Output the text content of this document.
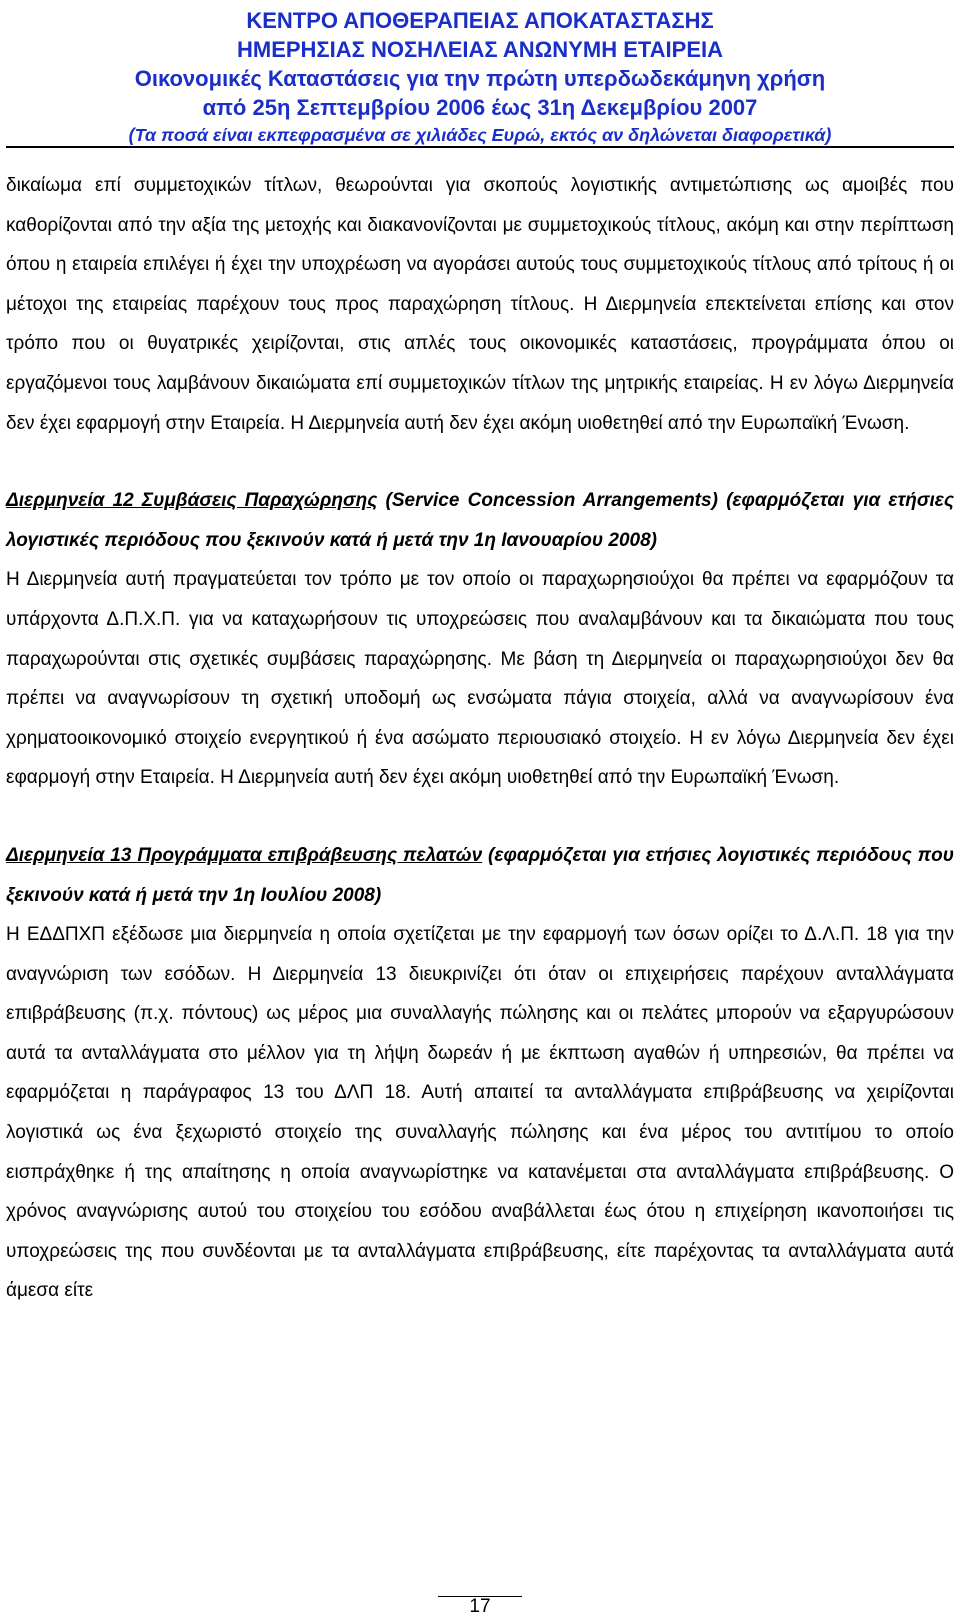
ΚΕΝΤΡΟ ΑΠΟΘΕΡΑΠΕΙΑΣ ΑΠΟΚΑΤΑΣΤΑΣΗΣ
ΗΜΕΡΗΣΙΑΣ ΝΟΣΗΛΕΙΑΣ ΑΝΩΝΥΜΗ ΕΤΑΙΡΕΙΑ
Οικονομικές Καταστάσεις για την πρώτη υπερδωδεκάμηνη χρήση
από 25η Σεπτεμβρίου 2006 έως 31η Δεκεμβρίου 2007
(Τα ποσά είναι εκπεφρασμένα σε χιλιάδες Ευρώ, εκτός αν δηλώνεται διαφορετικά)

δικαίωμα επί συμμετοχικών τίτλων, θεωρούνται για σκοπούς λογιστικής αντιμετώπισης ως αμοιβές που καθορίζονται από την αξία της μετοχής και διακανονίζονται με συμμετοχικούς τίτλους, ακόμη και στην περίπτωση όπου η εταιρεία επιλέγει ή έχει την υποχρέωση να αγοράσει αυτούς τους συμμετοχικούς τίτλους από τρίτους ή οι μέτοχοι της εταιρείας παρέχουν τους προς παραχώρηση τίτλους. Η Διερμηνεία επεκτείνεται επίσης και στον τρόπο που οι θυγατρικές χειρίζονται, στις απλές τους οικονομικές καταστάσεις, προγράμματα όπου οι εργαζόμενοι τους λαμβάνουν δικαιώματα επί συμμετοχικών τίτλων της μητρικής εταιρείας. Η εν λόγω Διερμηνεία δεν έχει εφαρμογή στην Εταιρεία. Η Διερμηνεία αυτή δεν έχει ακόμη υιοθετηθεί από την Ευρωπαϊκή Ένωση.

Διερμηνεία 12 Συμβάσεις Παραχώρησης (Service Concession Arrangements) (εφαρμόζεται για ετήσιες λογιστικές περιόδους που ξεκινούν κατά ή μετά την 1η Ιανουαρίου 2008)

Η Διερμηνεία αυτή πραγματεύεται τον τρόπο με τον οποίο οι παραχωρησιούχοι θα πρέπει να εφαρμόζουν τα υπάρχοντα Δ.Π.Χ.Π. για να καταχωρήσουν τις υποχρεώσεις που αναλαμβάνουν και τα δικαιώματα που τους παραχωρούνται στις σχετικές συμβάσεις παραχώρησης. Με βάση τη Διερμηνεία οι παραχωρησιούχοι δεν θα πρέπει να αναγνωρίσουν τη σχετική υποδομή ως ενσώματα πάγια στοιχεία, αλλά να αναγνωρίσουν ένα χρηματοοικονομικό στοιχείο ενεργητικού ή ένα ασώματο περιουσιακό στοιχείο. Η εν λόγω Διερμηνεία δεν έχει εφαρμογή στην Εταιρεία. Η Διερμηνεία αυτή δεν έχει ακόμη υιοθετηθεί από την Ευρωπαϊκή Ένωση.

Διερμηνεία 13 Προγράμματα επιβράβευσης πελατών (εφαρμόζεται για ετήσιες λογιστικές περιόδους που ξεκινούν κατά ή μετά την 1η Ιουλίου 2008)

Η ΕΔΔΠΧΠ εξέδωσε μια διερμηνεία η οποία σχετίζεται με την εφαρμογή των όσων ορίζει το Δ.Λ.Π. 18 για την αναγνώριση των εσόδων. Η Διερμηνεία 13 διευκρινίζει ότι όταν οι επιχειρήσεις παρέχουν ανταλλάγματα επιβράβευσης (π.χ. πόντους) ως μέρος μια συναλλαγής πώλησης και οι πελάτες μπορούν να εξαργυρώσουν αυτά τα ανταλλάγματα στο μέλλον για τη λήψη δωρεάν ή με έκπτωση αγαθών ή υπηρεσιών, θα πρέπει να εφαρμόζεται η παράγραφος 13 του ΔΛΠ 18. Αυτή απαιτεί τα ανταλλάγματα επιβράβευσης να χειρίζονται λογιστικά ως ένα ξεχωριστό στοιχείο της συναλλαγής πώλησης και ένα μέρος του αντιτίμου το οποίο εισπράχθηκε ή της απαίτησης η οποία αναγνωρίστηκε να κατανέμεται στα ανταλλάγματα επιβράβευσης. Ο χρόνος αναγνώρισης αυτού του στοιχείου του εσόδου αναβάλλεται έως ότου η επιχείρηση ικανοποιήσει τις υποχρεώσεις της που συνδέονται με τα ανταλλάγματα επιβράβευσης, είτε παρέχοντας τα ανταλλάγματα αυτά άμεσα είτε

17
